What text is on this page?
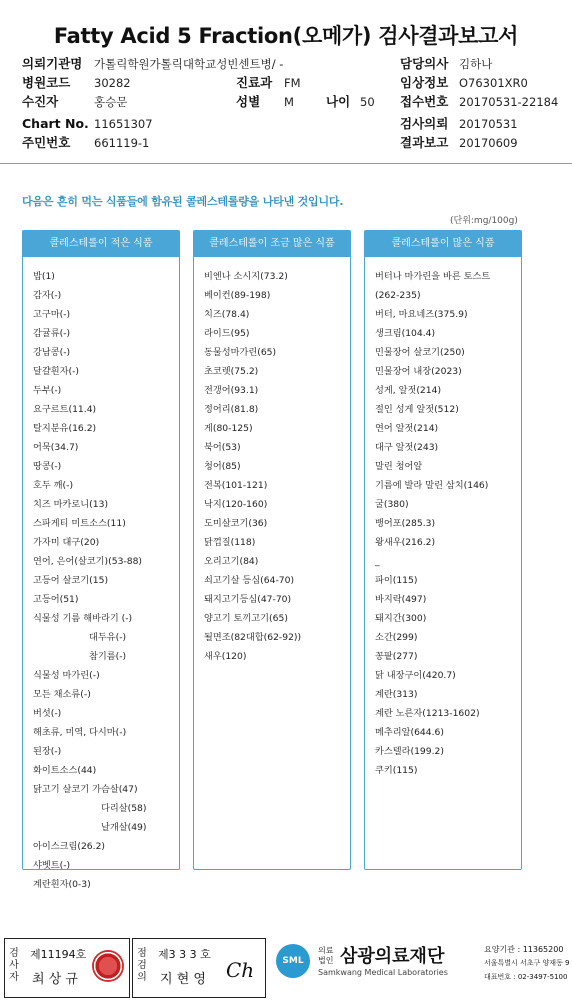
Fatty Acid 5 Fraction(오메가) 검사결과보고서
의뢰기관명 가톨릭학원가톨릭대학교성빈센트병/ -	담당의사 김하나
병원코드 30282	진료과 FM	임상정보 O76301XR0
수진자	홍승문	성별 M	나이 50 접수번호 20170531-22184
Chart No. 11651307	검사의뢰 20170531
주민번호 661119-1	결과보고 20170609
다음은 흔히 먹는 식품들에 함유된 콜레스테롤량을 나타낸 것입니다.
(단위:mg/100g)
콜레스테롤이 적은 식품
밥(1)
감자(-)
고구마(-)
감귤류(-)
강남콩(-)
달걀흰자(-)
두부(-)
요구르트(11.4)
탈지분유(16.2)
어묵(34.7)
땅콩(-)
호두 깨(-)
치즈 마카로니(13)
스파게티 미트소스(11)
가자미 대구(20)
연어, 은어(살코기)(53-88)
고등어 살코기(15)
고등어(51)
식물성 기름 해바라기 (-)
대두유(-)
참기름(-)
식물성 마가린(-)
모든 채소류(-)
버섯(-)
해초류, 미역, 다시마(-)
된장(-)
화이트소스(44)
닭고기 살코기 가슴살(47)
다리살(58)
날개살(49)
아이스크림(26.2)
샤벳트(-)
계란흰자(0-3)
콜레스테롤이 조금 많은 식품
비엔나 소시지(73.2)
베이컨(89-198)
치즈(78.4)
라이드(95)
동물성마가린(65)
초코렛(75.2)
전갱어(93.1)
정어리(81.8)
게(80-125)
북어(53)
청어(85)
전복(101-121)
낙지(120-160)
도미살코기(36)
닭껍질(118)
오리고기(84)
쇠고기살 등심(64-70)
돼지고기등심(47-70)
양고기 토끼고기(65)
될면조(82대합(62-92))
새우(120)
콜레스테롤이 많은 식품
버터나 마가린을 바른 토스트
(262-235)
버터, 마요네즈(375.9)
생크림(104.4)
민물장어 살코기(250)
민물장어 내장(2023)
성게, 알젓(214)
절인 성게 알젓(512)
연어 알젓(214)
대구 알젓(243)
말린 청어알
기름에 발라 말린 삼치(146)
굴(380)
뱅어포(285.3)
왕새우(216.2)
_
파이(115)
바지락(497)
돼지간(300)
소간(299)
꽁팥(277)
닭 내장구이(420.7)
계란(313)
계란 노른자(1213-1602)
메추리알(644.6)
카스텔라(199.2)
쿠키(115)
검사자
제11194호
최 상 규
점검의
제3 3 3 호
지 현 영 Ch	SML
의료법인 삼광의료재단
Samkwang Medical Laboratories
요양기관 : 11365200
서울특별시 서초구 양재동 9
대표번호 : 02-3497-5100
